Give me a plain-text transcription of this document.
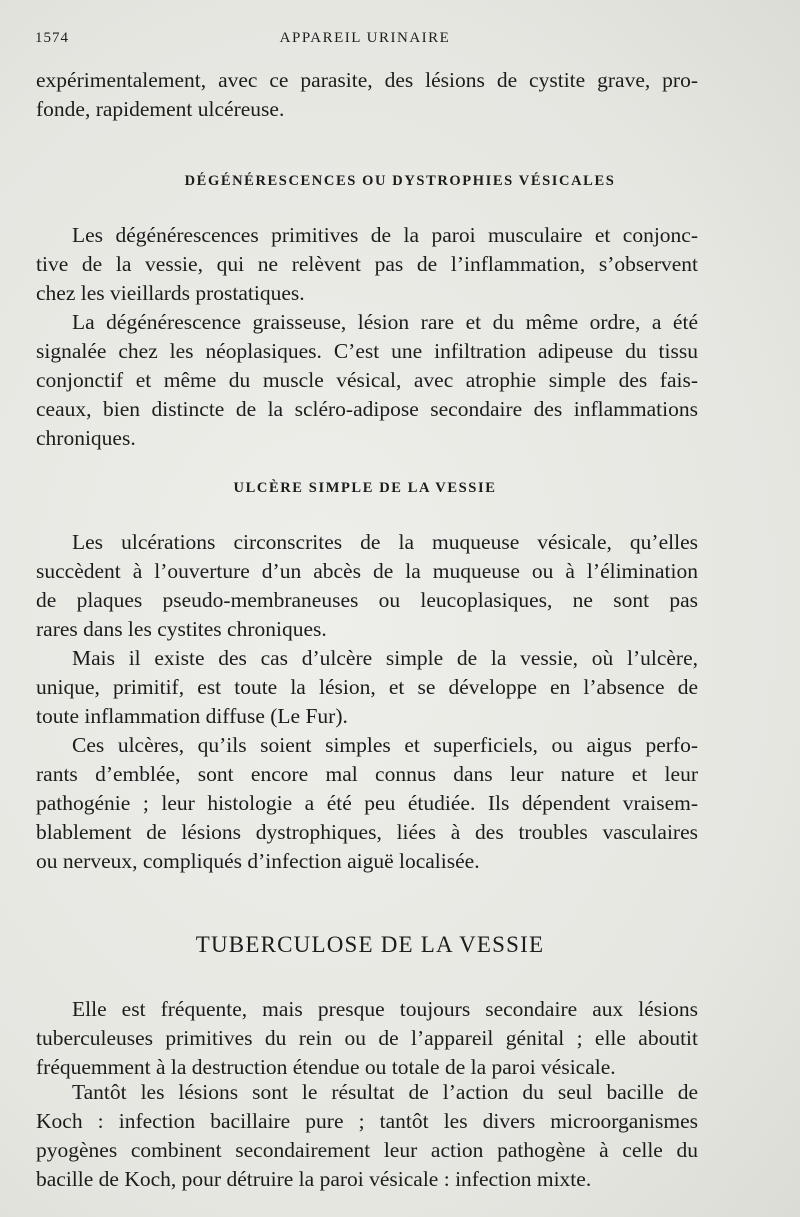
1574	APPAREIL URINAIRE

expérimentalement, avec ce parasite, des lésions de cystite grave, pro-
fonde, rapidement ulcéreuse.

DÉGÉNÉRESCENCES OU DYSTROPHIES VÉSICALES

Les dégénérescences primitives de la paroi musculaire et conjonc-
tive de la vessie, qui ne relèvent pas de l’inflammation, s’observent
chez les vieillards prostatiques.

La dégénérescence graisseuse, lésion rare et du même ordre, a été
signalée chez les néoplasiques. C’est une infiltration adipeuse du tissu
conjonctif et même du muscle vésical, avec atrophie simple des fais-
ceaux, bien distincte de la scléro-adipose secondaire des inflammations
chroniques.

ULCÈRE SIMPLE DE LA VESSIE

Les ulcérations circonscrites de la muqueuse vésicale, qu’elles
succèdent à l’ouverture d’un abcès de la muqueuse ou à l’élimination
de plaques pseudo-membraneuses ou leucoplasiques, ne sont pas
rares dans les cystites chroniques.

Mais il existe des cas d’ulcère simple de la vessie, où l’ulcère,
unique, primitif, est toute la lésion, et se développe en l’absence de
toute inflammation diffuse (Le Fur).

Ces ulcères, qu’ils soient simples et superficiels, ou aigus perfo-
rants d’emblée, sont encore mal connus dans leur nature et leur
pathogénie ; leur histologie a été peu étudiée. Ils dépendent vraisem-
blablement de lésions dystrophiques, liées à des troubles vasculaires
ou nerveux, compliqués d’infection aiguë localisée.

TUBERCULOSE DE LA VESSIE

Elle est fréquente, mais presque toujours secondaire aux lésions
tuberculeuses primitives du rein ou de l’appareil génital ; elle aboutit
fréquemment à la destruction étendue ou totale de la paroi vésicale.

Tantôt les lésions sont le résultat de l’action du seul bacille de
Koch : infection bacillaire pure ; tantôt les divers microorganismes
pyogènes combinent secondairement leur action pathogène à celle du
bacille de Koch, pour détruire la paroi vésicale : infection mixte.
